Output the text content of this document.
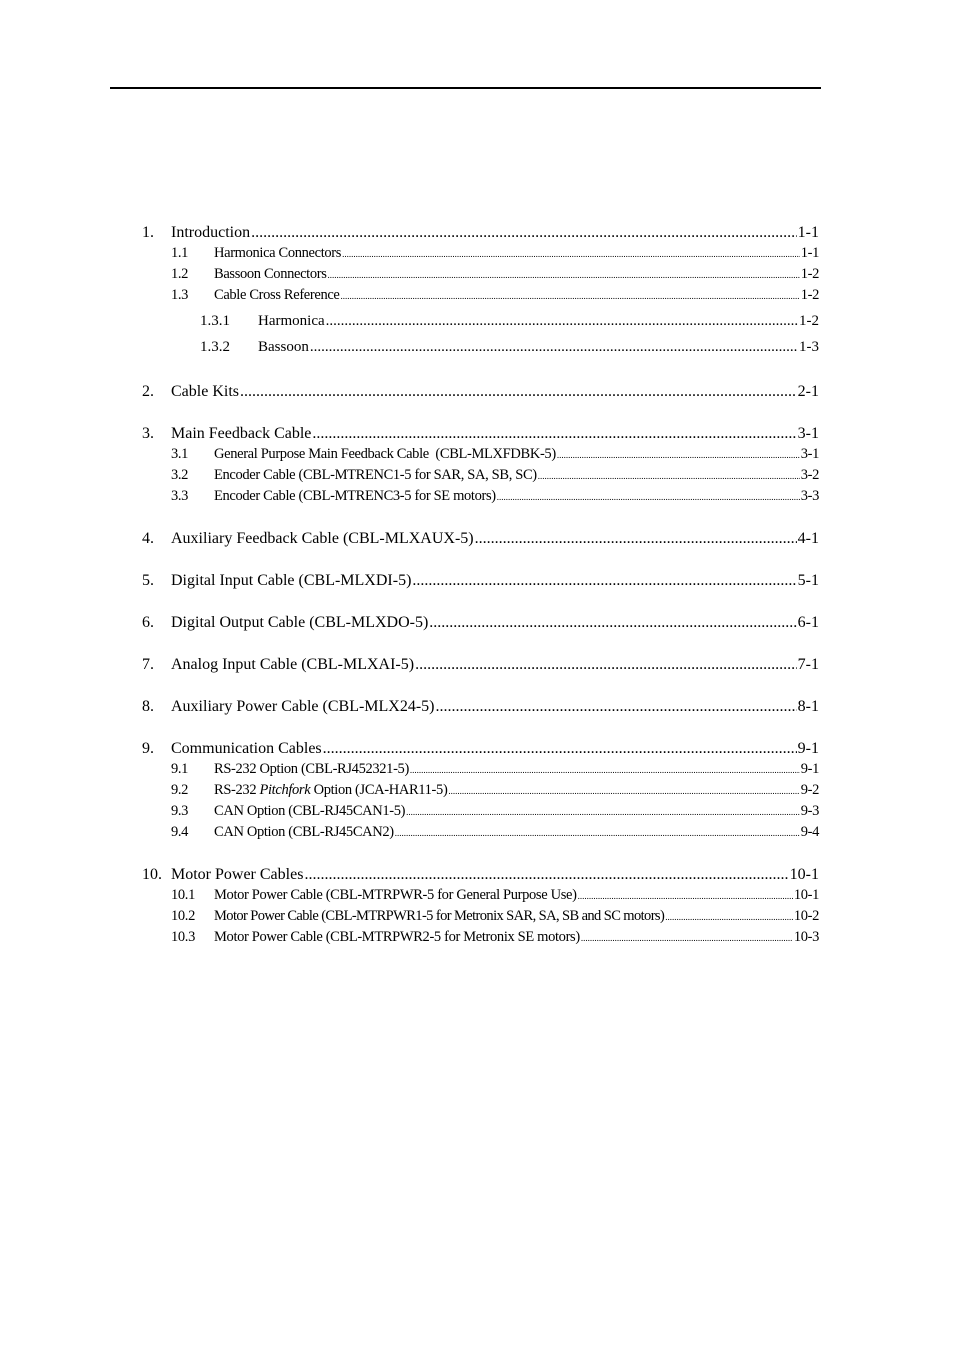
1.	Introduction .....	1-1
1.1	Harmonica Connectors .....	1-1
1.2	Bassoon Connectors .....	1-2
1.3	Cable Cross Reference .....	1-2
1.3.1	Harmonica .....	1-2
1.3.2	Bassoon .....	1-3
2.	Cable Kits .....	2-1
3.	Main Feedback Cable .....	3-1
3.1	General Purpose Main Feedback Cable  (CBL-MLXFDBK-5) .....	3-1
3.2	Encoder Cable (CBL-MTRENC1-5 for SAR, SA, SB, SC) .....	3-2
3.3	Encoder Cable (CBL-MTRENC3-5 for SE motors) .....	3-3
4.	Auxiliary Feedback Cable (CBL-MLXAUX-5) .....	4-1
5.	Digital Input Cable (CBL-MLXDI-5) .....	5-1
6.	Digital Output Cable (CBL-MLXDO-5) .....	6-1
7.	Analog Input Cable (CBL-MLXAI-5) .....	7-1
8.	Auxiliary Power Cable (CBL-MLX24-5) .....	8-1
9.	Communication Cables .....	9-1
9.1	RS-232 Option (CBL-RJ452321-5) .....	9-1
9.2	RS-232 Pitchfork Option (JCA-HAR11-5) .....	9-2
9.3	CAN Option (CBL-RJ45CAN1-5) .....	9-3
9.4	CAN Option (CBL-RJ45CAN2) .....	9-4
10. Motor Power Cables .....	10-1
10.1	Motor Power Cable (CBL-MTRPWR-5 for General Purpose Use) .....	10-1
10.2	Motor Power Cable (CBL-MTRPWR1-5 for Metronix SAR, SA, SB and SC motors) .....	10-2
10.3	Motor Power Cable (CBL-MTRPWR2-5 for Metronix SE motors) .....	10-3
